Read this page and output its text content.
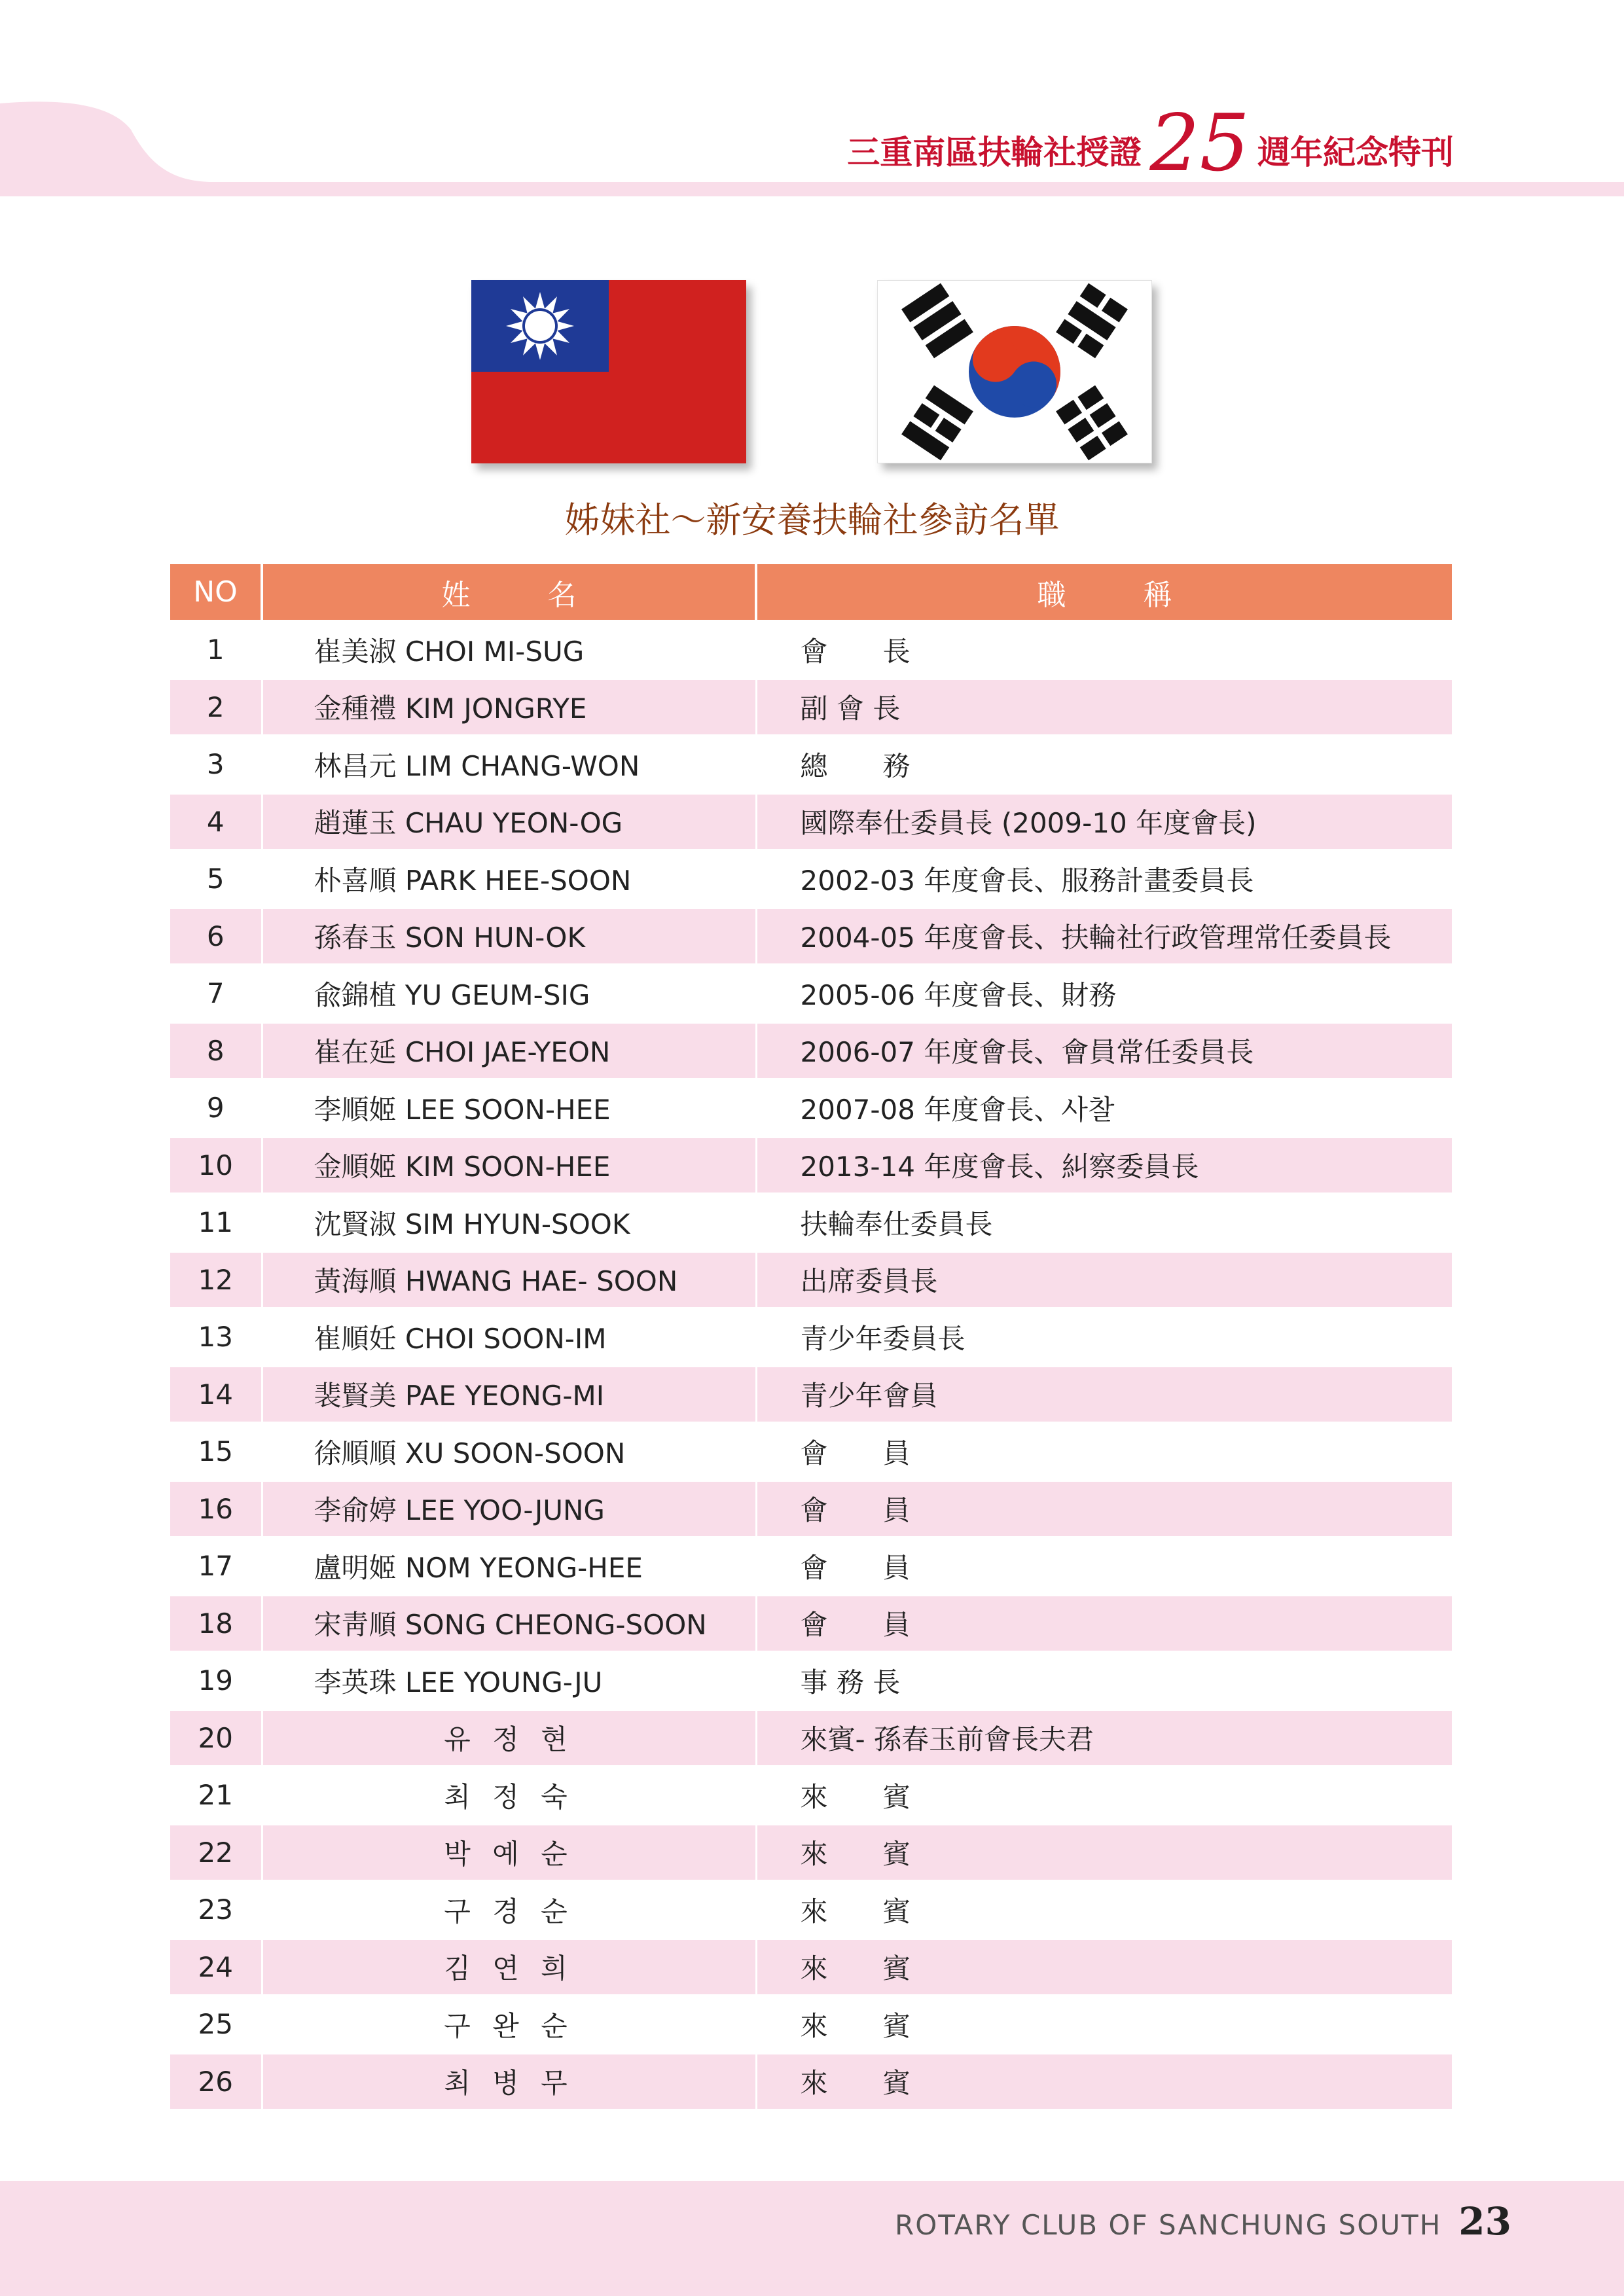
三重南區扶輪社授證 25 週年紀念特刊
姊妹社～新安養扶輪社參訪名單
NO	姓 名	職 稱
1	崔美淑 CHOI MI-SUG	會　　長
2	金種禮 KIM JONGRYE	副 會 長
3	林昌元 LIM CHANG-WON	總　　務
4	趙蓮玉 CHAU YEON-OG	國際奉仕委員長 (2009-10 年度會長)
5	朴喜順 PARK HEE-SOON	2002-03 年度會長、服務計畫委員長
6	孫春玉 SON HUN-OK	2004-05 年度會長、扶輪社行政管理常任委員長
7	兪錦植 YU GEUM-SIG	2005-06 年度會長、財務
8	崔在延 CHOI JAE-YEON	2006-07 年度會長、會員常任委員長
9	李順姬 LEE SOON-HEE	2007-08 年度會長、사찰
10	金順姬 KIM SOON-HEE	2013-14 年度會長、糾察委員長
11	沈賢淑 SIM HYUN-SOOK	扶輪奉仕委員長
12	黃海順 HWANG HAE- SOON	出席委員長
13	崔順妊 CHOI SOON-IM	青少年委員長
14	裴賢美 PAE YEONG-MI	青少年會員
15	徐順順 XU SOON-SOON	會　　員
16	李俞婷 LEE YOO-JUNG	會　　員
17	盧明姬 NOM YEONG-HEE	會　　員
18	宋靑順 SONG CHEONG-SOON	會　　員
19	李英珠 LEE YOUNG-JU	事 務 長
20	유 정 현	來賓- 孫春玉前會長夫君
21	최 정 숙	來　　賓
22	박 예 순	來　　賓
23	구 경 순	來　　賓
24	김 연 희	來　　賓
25	구 완 순	來　　賓
26	최 병 무	來　　賓
ROTARY CLUB OF SANCHUNG SOUTH 23
